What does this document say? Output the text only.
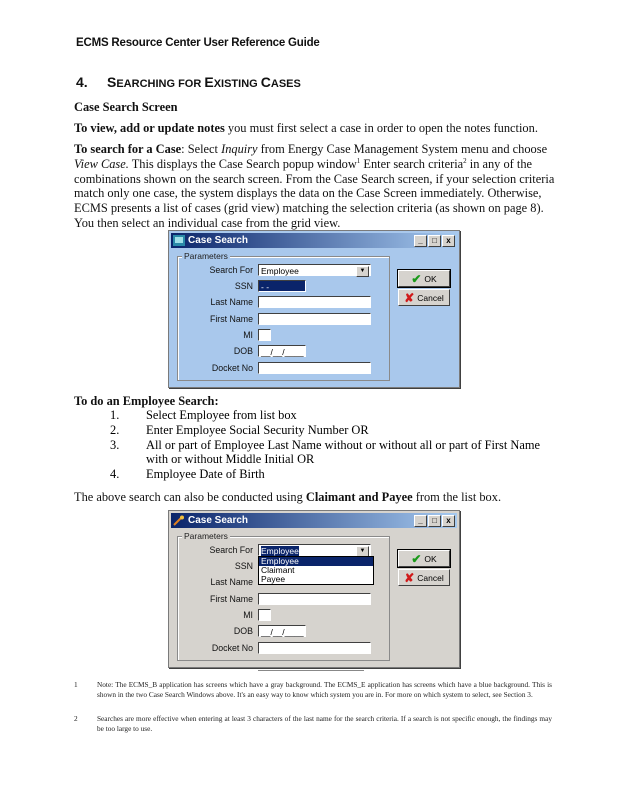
ECMS Resource Center User Reference Guide
4. SEARCHING FOR EXISTING CASES
Case Search Screen
To view, add or update notes you must first select a case in order to open the notes function.
To search for a Case: Select Inquiry from Energy Case Management System menu and choose View Case. This displays the Case Search popup window$^1$ Enter search criteria$^2$ in any of the combinations shown on the search screen. From the Case Search screen, if your selection criteria match only one case, the system displays the data on the Case Screen immediately. Otherwise, ECMS presents a list of cases (grid view) matching the selection criteria (as shown on page 8). You then select an individual case from the grid view.
Case Search	_	□	x
Parameters
Search For Employee	▼
SSN - -
Last Name
First Name
MI
DOB __/__/____
Docket No
✔ OK
✘ Cancel
To do an Employee Search:
1. Select Employee from list box
2. Enter Employee Social Security Number OR
3. All or part of Employee Last Name without or without all or part of First Name with or without Middle Initial OR
4. Employee Date of Birth
The above search can also be conducted using Claimant and Payee from the list box.
Case Search	_	□	x
Parameters
Search For Employee	▼
Employee
Claimant
Payee
SSN
Last Name
First Name
MI
DOB __/__/____
Docket No
✔ OK
✘ Cancel
1	Note: The ECMS_B application has screens which have a gray background. The ECMS_E application has screens which have a blue background. This is shown in the two Case Search Windows above. It's an easy way to know which system you are in. For more on which system to select, see Section 3.
2	Searches are more effective when entering at least 3 characters of the last name for the search criteria. If a search is not specific enough, the findings may be too large to use.
